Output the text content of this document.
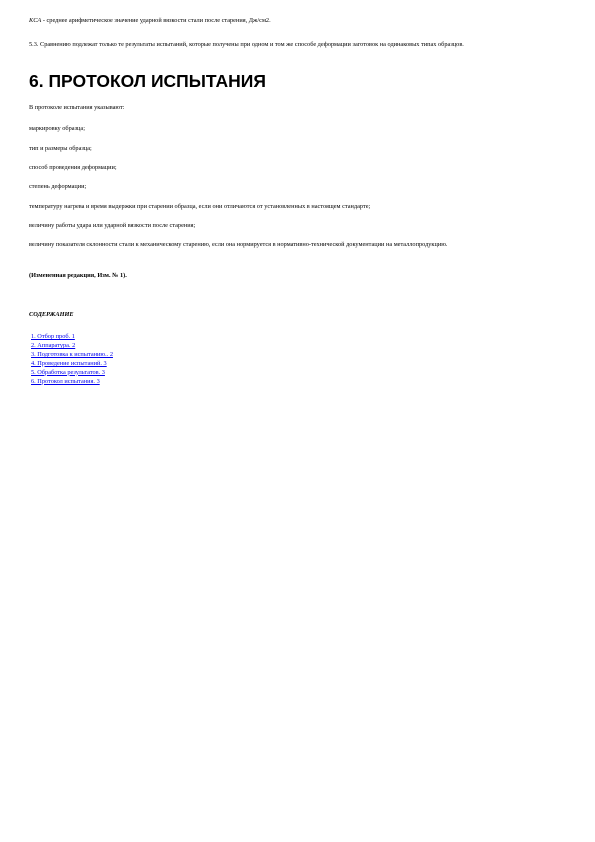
KCA - среднее арифметическое значение ударной вязкости стали после старения, Дж/см2.

5.3. Сравнению подлежат только те результаты испытаний, которые получены при одном и том же способе деформации заготовок на одинаковых типах образцов.

6. ПРОТОКОЛ ИСПЫТАНИЯ

В протоколе испытания указывают:

маркировку образца;

тип и размеры образца;

способ проведения деформации;

степень деформации;

температуру нагрева и время выдержки при старении образца, если они отличаются от установленных в настоящем стандарте;

величину работы удара или ударной вязкости после старения;

величину показателя склонности стали к механическому старению, если она нормируется в нормативно-технической документации на металлопродукцию.

(Измененная редакция, Изм. № 1).

СОДЕРЖАНИЕ

1. Отбор проб. 1
2. Аппаратура. 2
3. Подготовка к испытанию.. 2
4. Проведение испытаний. 3
5. Обработка результатов. 3
6. Протокол испытания. 3
